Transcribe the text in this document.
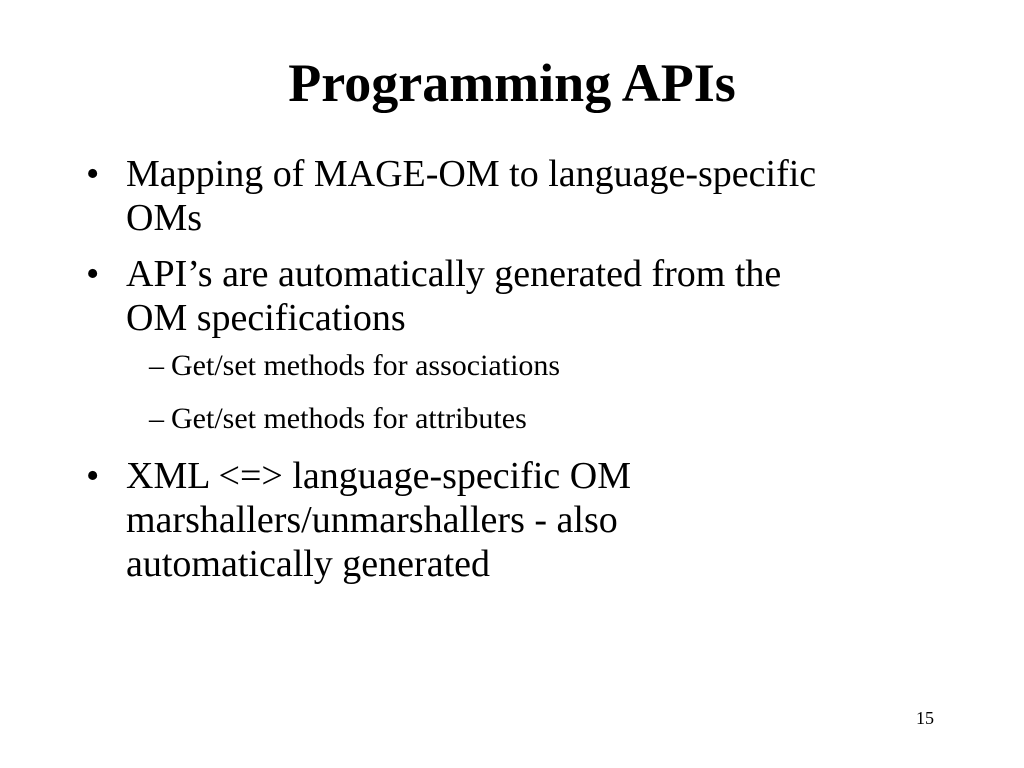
Programming APIs
• Mapping of MAGE-OM to language-specific
OMs
• API’s are automatically generated from the
OM specifications
– Get/set methods for associations
– Get/set methods for attributes
• XML <=> language-specific OM
marshallers/unmarshallers - also
automatically generated
15
